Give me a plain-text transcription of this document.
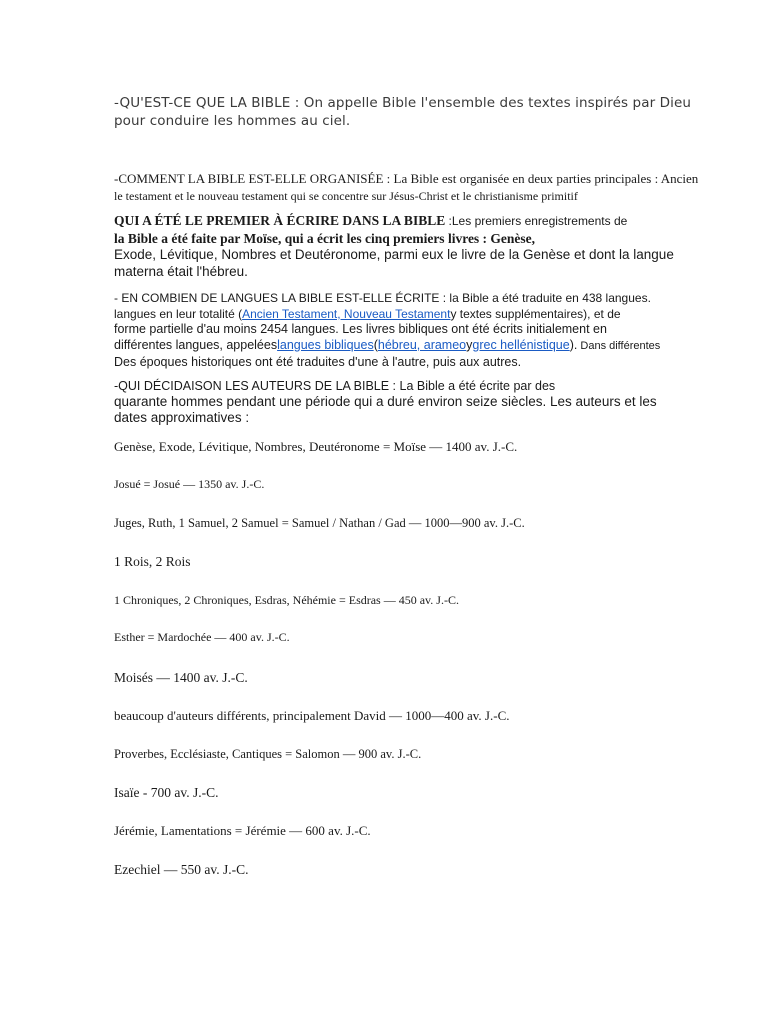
-QU'EST-CE QUE LA BIBLE : On appelle Bible l'ensemble des textes inspirés par Dieu

pour conduire les hommes au ciel.

-COMMENT LA BIBLE EST-ELLE ORGANISÉE : La Bible est organisée en deux parties principales : Ancien

le testament et le nouveau testament qui se concentre sur Jésus-Christ et le christianisme primitif

QUI A ÉTÉ LE PREMIER À ÉCRIRE DANS LA BIBLE :Les premiers enregistrements de

la Bible a été faite par Moïse, qui a écrit les cinq premiers livres : Genèse,

Exode, Lévitique, Nombres et Deutéronome, parmi eux le livre de la Genèse et dont la langue

materna était l'hébreu.

- EN COMBIEN DE LANGUES LA BIBLE EST-ELLE ÉCRITE : la Bible a été traduite en 438 langues.

langues en leur totalité (Ancien Testament, Nouveau Testamenty textes supplémentaires), et de

forme partielle d'au moins 2454 langues. Les livres bibliques ont été écrits initialement en

différentes langues, appeléeslangues bibliques(hébreu, arameoygrec hellénistique). Dans différentes

Des époques historiques ont été traduites d'une à l'autre, puis aux autres.

-QUI DÉCIDAISON LES AUTEURS DE LA BIBLE : La Bible a été écrite par des

quarante hommes pendant une période qui a duré environ seize siècles. Les auteurs et les

dates approximatives :

Genèse, Exode, Lévitique, Nombres, Deutéronome = Moïse — 1400 av. J.-C.

Josué = Josué — 1350 av. J.-C.

Juges, Ruth, 1 Samuel, 2 Samuel = Samuel / Nathan / Gad — 1000—900 av. J.-C.

1 Rois, 2 Rois

1 Chroniques, 2 Chroniques, Esdras, Néhémie = Esdras — 450 av. J.-C.

Esther = Mardochée — 400 av. J.-C.

Moisés — 1400 av. J.-C.

beaucoup d'auteurs différents, principalement David — 1000—400 av. J.-C.

Proverbes, Ecclésiaste, Cantiques = Salomon — 900 av. J.-C.

Isaïe - 700 av. J.-C.

Jérémie, Lamentations = Jérémie — 600 av. J.-C.

Ezechiel — 550 av. J.-C.
